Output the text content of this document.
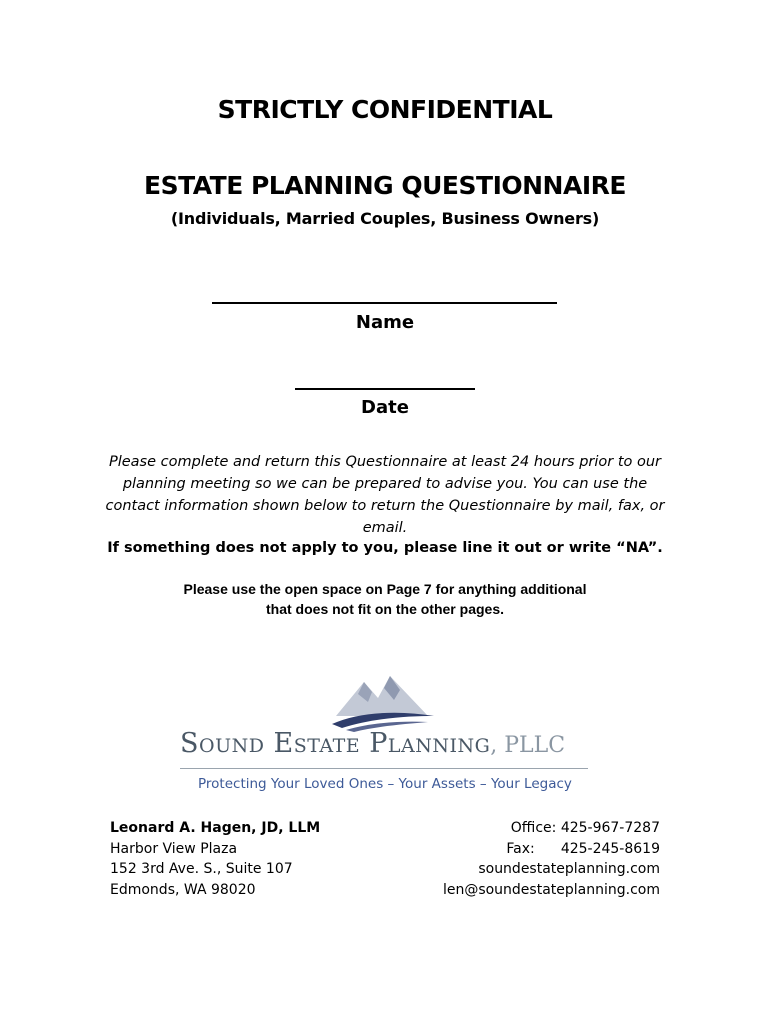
STRICTLY CONFIDENTIAL
ESTATE PLANNING QUESTIONNAIRE
(Individuals, Married Couples, Business Owners)
Name
Date
Please complete and return this Questionnaire at least 24 hours prior to our planning meeting so we can be prepared to advise you. You can use the contact information shown below to return the Questionnaire by mail, fax, or email.
If something does not apply to you, please line it out or write “NA”.
Please use the open space on Page 7 for anything additional
that does not fit on the other pages.
Sound Estate Planning, PLLC
Protecting Your Loved Ones – Your Assets – Your Legacy
Leonard A. Hagen, JD, LLM
Harbor View Plaza
152 3rd Ave. S., Suite 107
Edmonds, WA 98020
Office: 425-967-7287
Fax: 425-245-8619
soundestateplanning.com
len@soundestateplanning.com
